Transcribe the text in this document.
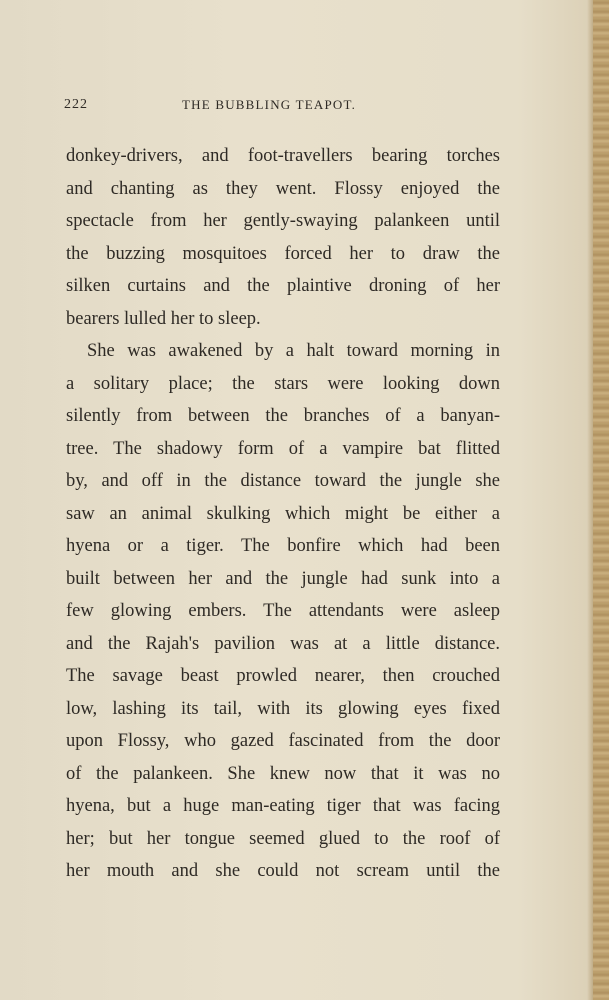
222	THE BUBBLING TEAPOT.
donkey-drivers, and foot-travellers bearing torches
and chanting as they went. Flossy enjoyed the
spectacle from her gently-swaying palankeen until
the buzzing mosquitoes forced her to draw the
silken curtains and the plaintive droning of her
bearers lulled her to sleep.
She was awakened by a halt toward morning in
a solitary place; the stars were looking down
silently from between the branches of a banyan-
tree. The shadowy form of a vampire bat flitted
by, and off in the distance toward the jungle she
saw an animal skulking which might be either a
hyena or a tiger. The bonfire which had been
built between her and the jungle had sunk into a
few glowing embers. The attendants were asleep
and the Rajah's pavilion was at a little distance.
The savage beast prowled nearer, then crouched
low, lashing its tail, with its glowing eyes fixed
upon Flossy, who gazed fascinated from the door
of the palankeen. She knew now that it was no
hyena, but a huge man-eating tiger that was facing
her; but her tongue seemed glued to the roof of
her mouth and she could not scream until the
